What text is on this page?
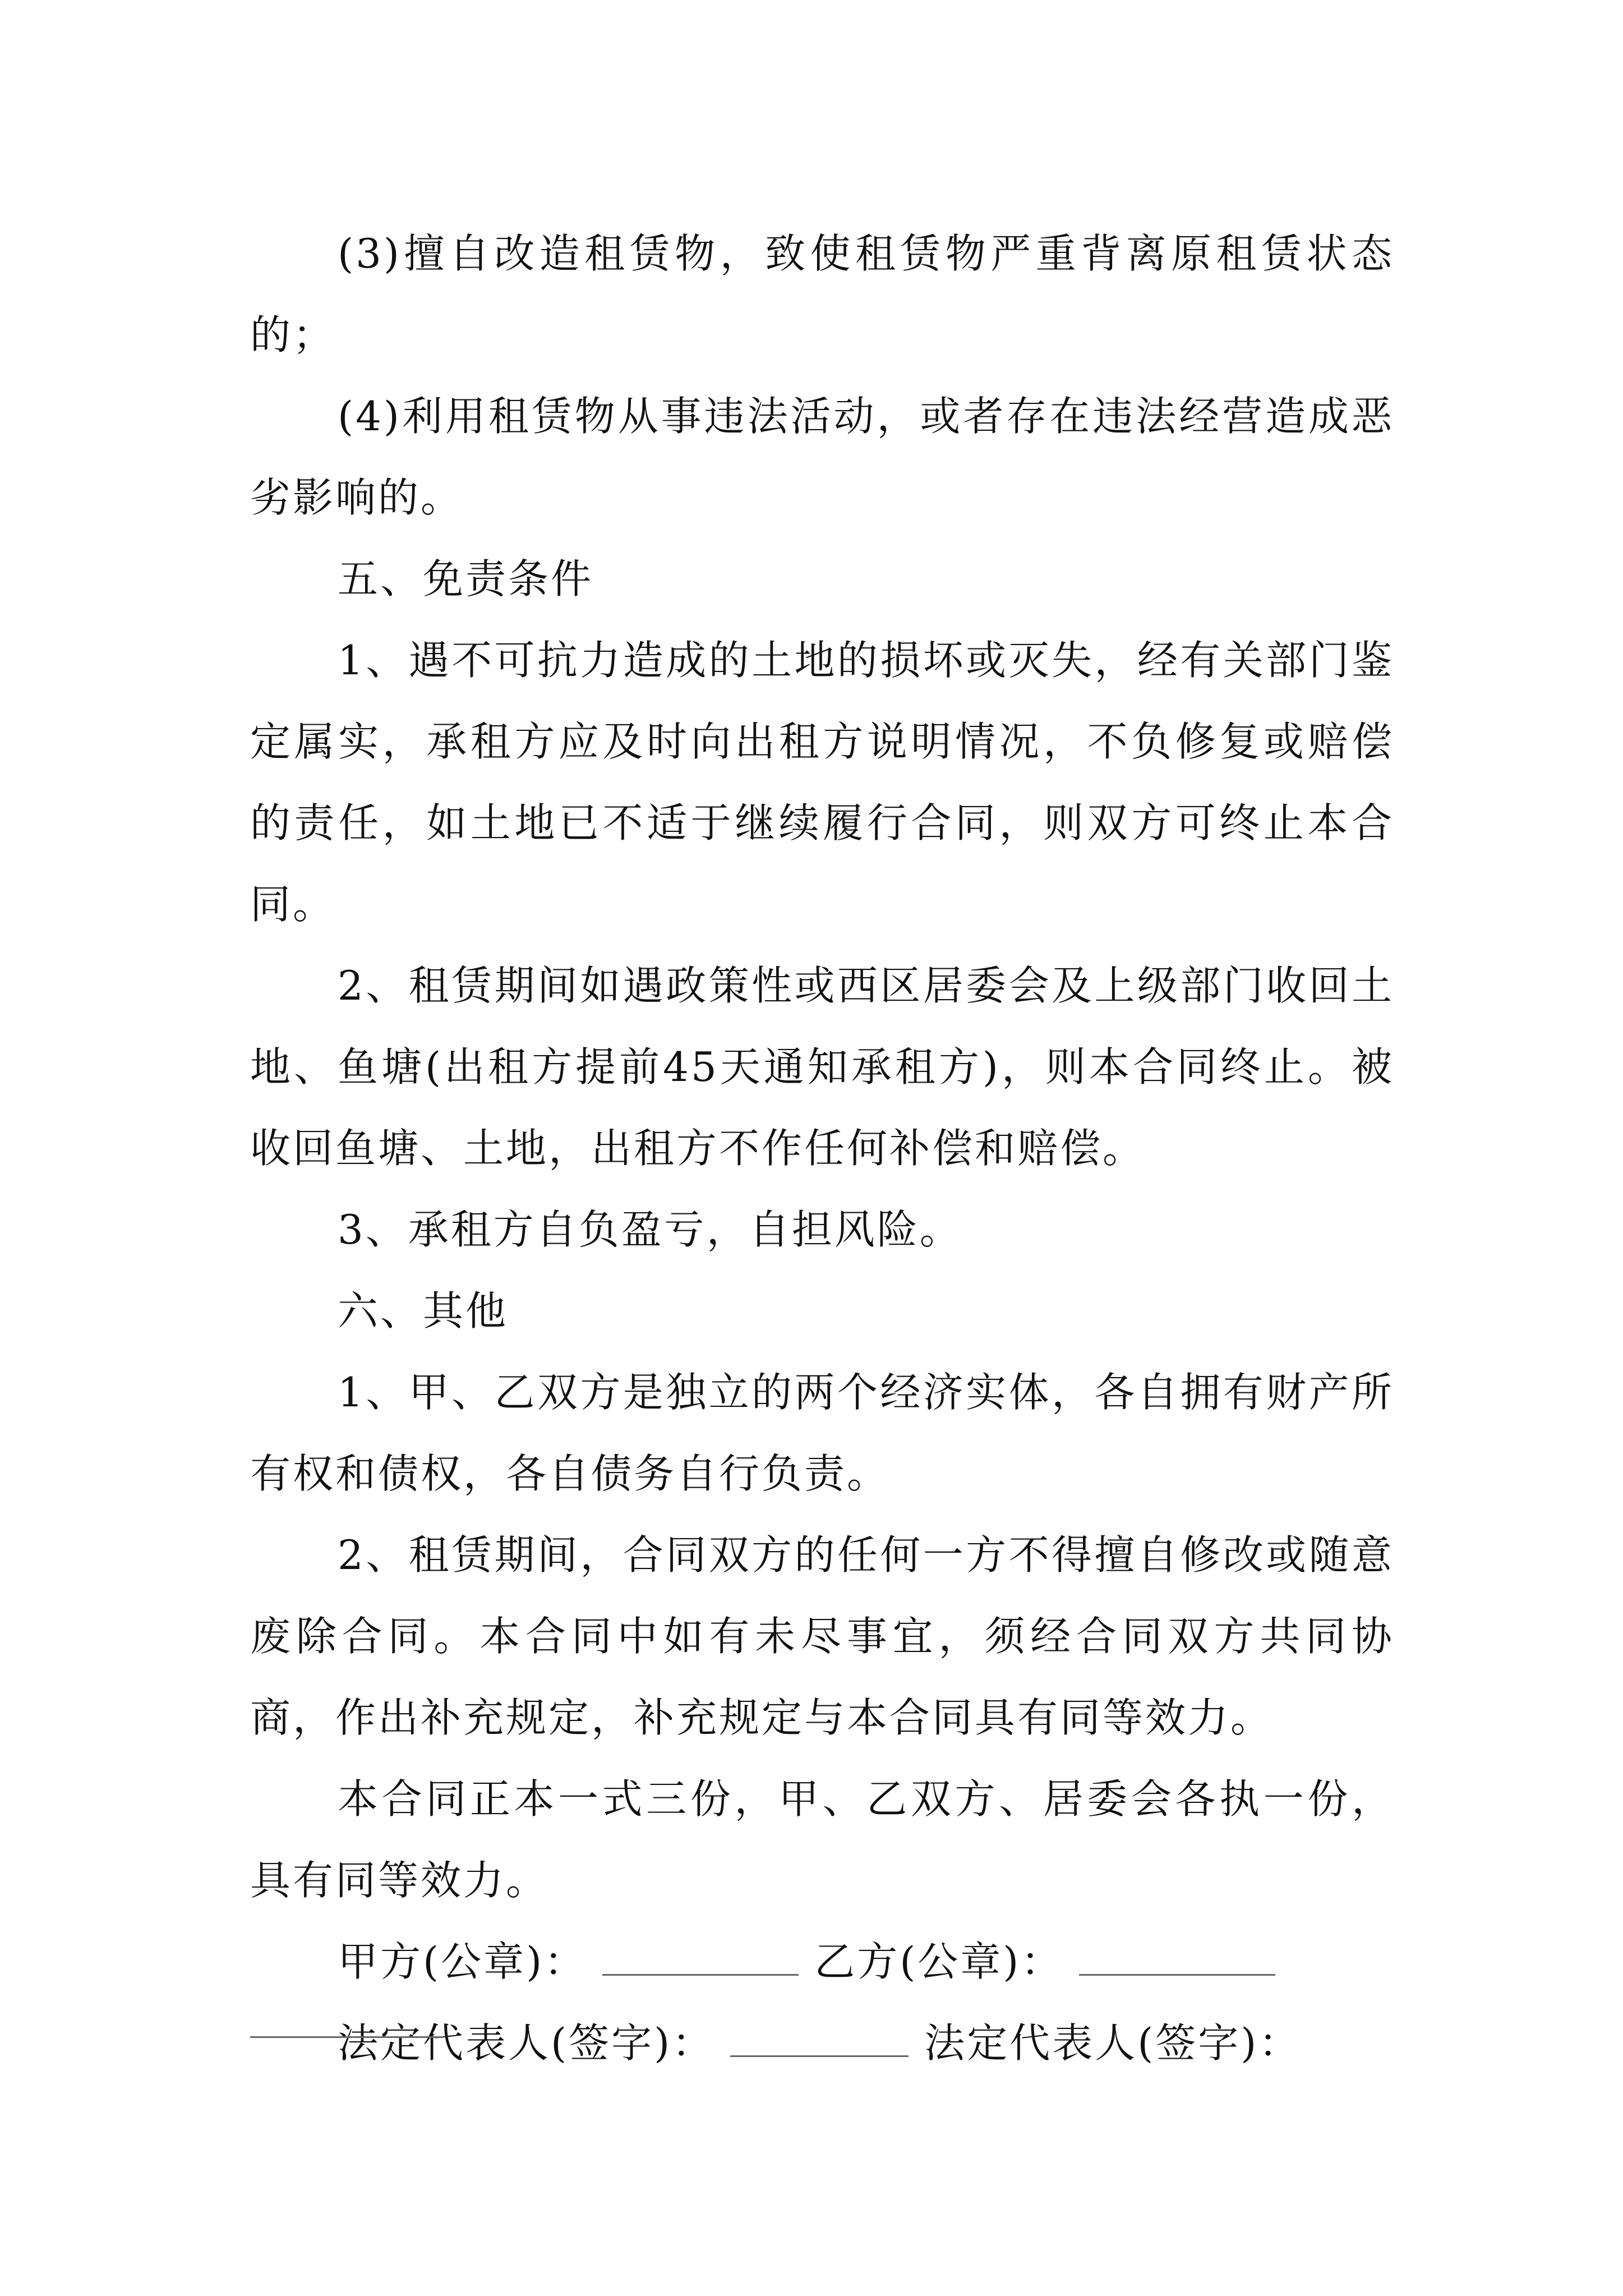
(3)擅自改造租赁物，致使租赁物严重背离原租赁状态的；

(4)利用租赁物从事违法活动，或者存在违法经营造成恶劣影响的。

五、免责条件

1、遇不可抗力造成的土地的损坏或灭失，经有关部门鉴定属实，承租方应及时向出租方说明情况，不负修复或赔偿的责任，如土地已不适于继续履行合同，则双方可终止本合同。

2、租赁期间如遇政策性或西区居委会及上级部门收回土地、鱼塘(出租方提前45天通知承租方)，则本合同终止。被收回鱼塘、土地，出租方不作任何补偿和赔偿。

3、承租方自负盈亏，自担风险。

六、其他

1、甲、乙双方是独立的两个经济实体，各自拥有财产所有权和债权，各自债务自行负责。

2、租赁期间，合同双方的任何一方不得擅自修改或随意废除合同。本合同中如有未尽事宜，须经合同双方共同协商，作出补充规定，补充规定与本合同具有同等效力。

本合同正本一式三份，甲、乙双方、居委会各执一份，具有同等效力。

甲方(公章)：	乙方(公章)：

法定代表人(签字)：	法定代表人(签字)：
